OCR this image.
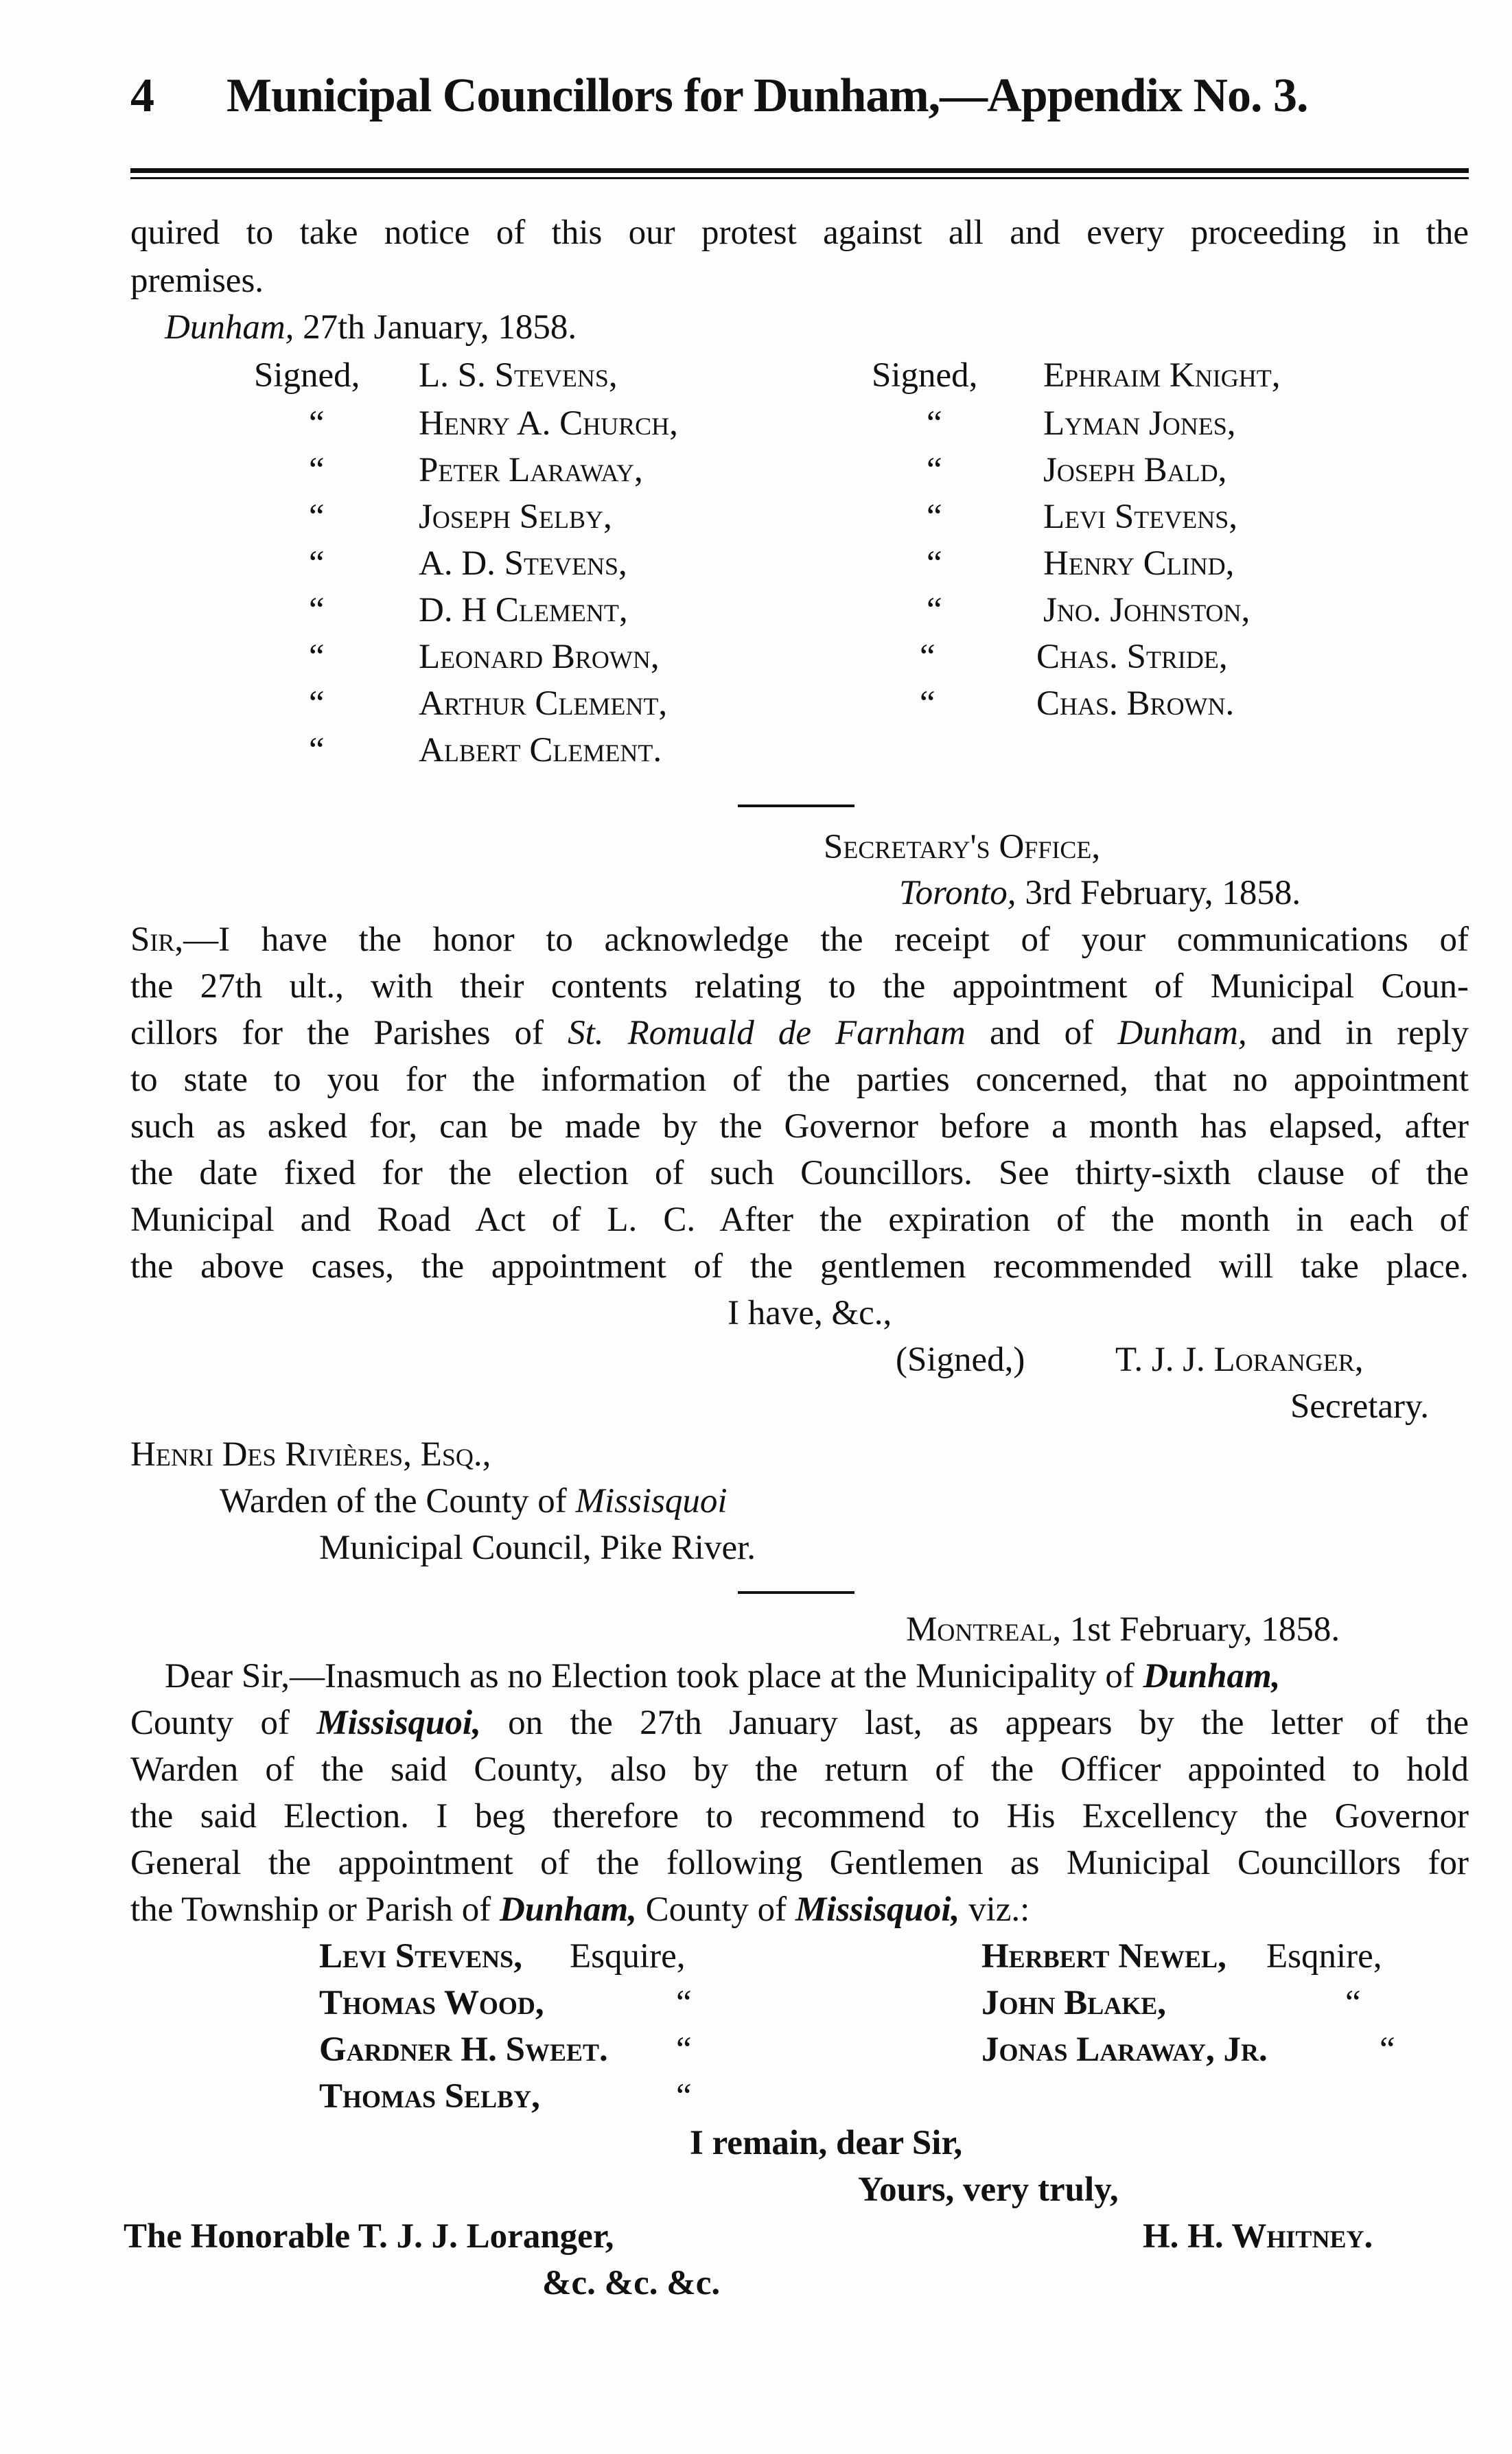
4 Municipal Councillors for Dunham,—Appendix No. 3.
quired to take notice of this our protest against all and every proceeding in the
premises.
Dunham, 27th January, 1858.
Signed, L. S. Stevens,
“	Henry A. Church,
“	Peter Laraway,
“	Joseph Selby,
“	A. D. Stevens,
“	D. H Clement,
“	Leonard Brown,
“	Arthur Clement,
“	Albert Clement.
Signed, Ephraim Knight,
“	Lyman Jones,
“	Joseph Bald,
“	Levi Stevens,
“	Henry Clind,
“	Jno. Johnston,
“	Chas. Stride,
“	Chas. Brown.
Secretary's Office,
Toronto, 3rd February, 1858.
Sir,—I have the honor to acknowledge the receipt of your communications of
the 27th ult., with their contents relating to the appointment of Municipal Coun-
cillors for the Parishes of St. Romuald de Farnham and of Dunham, and in reply
to state to you for the information of the parties concerned, that no appointment
such as asked for, can be made by the Governor before a month has elapsed, after
the date fixed for the election of such Councillors. See thirty-sixth clause of the
Municipal and Road Act of L. C. After the expiration of the month in each of
the above cases, the appointment of the gentlemen recommended will take place.
I have, &c.,
(Signed,)	T. J. J. Loranger,
Secretary.
Henri Des Rivières, Esq.,
Warden of the County of Missisquoi
Municipal Council, Pike River.
Montreal, 1st February, 1858.
Dear Sir,—Inasmuch as no Election took place at the Municipality of Dunham,
County of Missisquoi, on the 27th January last, as appears by the letter of the
Warden of the said County, also by the return of the Officer appointed to hold
the said Election. I beg therefore to recommend to His Excellency the Governor
General the appointment of the following Gentlemen as Municipal Councillors for
the Township or Parish of Dunham, County of Missisquoi, viz.:
Levi Stevens, Esquire,
Thomas Wood,	“
Gardner H. Sweet. “
Thomas Selby,	“
Herbert Newel, Esqnire,
John Blake,	“
Jonas Laraway, Jr.	“
I remain, dear Sir,
Yours, very truly,
The Honorable T. J. J. Loranger,	H. H. Whitney.
&c. &c. &c.
